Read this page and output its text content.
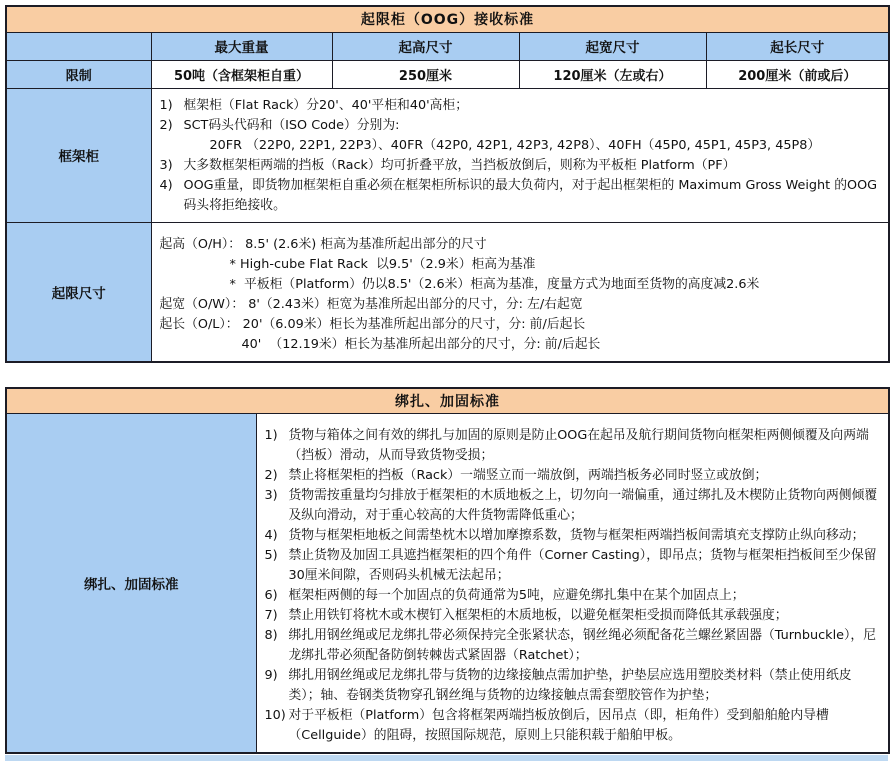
起限柜（OOG）接收标准				
	最大重量	起高尺寸	起宽尺寸	起长尺寸
限制	50吨（含框架柜自重）	250厘米	120厘米（左或右）	200厘米（前或后）
框架柜	
1) 框架柜（Flat Rack）分20'、40'平柜和40'高柜；
2) SCT码头代码和（ISO Code）分别为:
20FR （22P0, 22P1, 22P3）、40FR（42P0, 42P1, 42P3, 42P8）、40FH（45P0, 45P1, 45P3, 45P8）
3) 大多数框架柜两端的挡板（Rack）均可折叠平放，当挡板放倒后，则称为平板柜 Platform（PF）
4) OOG重量，即货物加框架柜自重必须在框架柜所标识的最大负荷内，对于起出框架柜的 Maximum Gross Weight 的OOG码头将拒绝接收。

起限尺寸	
起高（O/H）： 8.5' (2.6米) 柜高为基准所起出部分的尺寸
* High-cube Flat Rack  以9.5'（2.9米）柜高为基准
*  平板柜（Platform）仍以8.5'（2.6米）柜高为基准，度量方式为地面至货物的高度减2.6米
起宽（O/W）： 8'（2.43米）柜宽为基准所起出部分的尺寸，分: 左/右起宽
起长（O/L）： 20'（6.09米）柜长为基准所起出部分的尺寸，分: 前/后起长
40'  （12.19米）柜长为基准所起出部分的尺寸，分: 前/后起长
绑扎、加固标准
绑扎、加固标准	
1) 货物与箱体之间有效的绑扎与加固的原则是防止OOG在起吊及航行期间货物向框架柜两侧倾覆及向两端（挡板）滑动，从而导致货物受损；
2) 禁止将框架柜的挡板（Rack）一端竖立而一端放倒，两端挡板务必同时竖立或放倒；
3) 货物需按重量均匀排放于框架柜的木质地板之上，切勿向一端偏重，通过绑扎及木楔防止货物向两侧倾覆及纵向滑动，对于重心较高的大件货物需降低重心；
4) 货物与框架柜地板之间需垫枕木以增加摩擦系数，货物与框架柜两端挡板间需填充支撑防止纵向移动；
5) 禁止货物及加固工具遮挡框架柜的四个角件（Corner Casting），即吊点；货物与框架柜挡板间至少保留30厘米间隙，否则码头机械无法起吊；
6) 框架柜两侧的每一个加固点的负荷通常为5吨，应避免绑扎集中在某个加固点上；
7) 禁止用铁钉将枕木或木楔钉入框架柜的木质地板，以避免框架柜受损而降低其承载强度；
8) 绑扎用钢丝绳或尼龙绑扎带必须保持完全张紧状态，钢丝绳必须配备花兰螺丝紧固器（Turnbuckle），尼龙绑扎带必须配备防倒转棘齿式紧固器（Ratchet）；
9) 绑扎用钢丝绳或尼龙绑扎带与货物的边缘接触点需加护垫，护垫层应选用塑胶类材料（禁止使用纸皮类）；轴、卷钢类货物穿孔钢丝绳与货物的边缘接触点需套塑胶管作为护垫；
10) 对于平板柜（Platform）包含将框架两端挡板放倒后，因吊点（即，柜角件）受到船舶舱内导槽（Cellguide）的阻碍，按照国际规范，原则上只能积载于船舶甲板。
